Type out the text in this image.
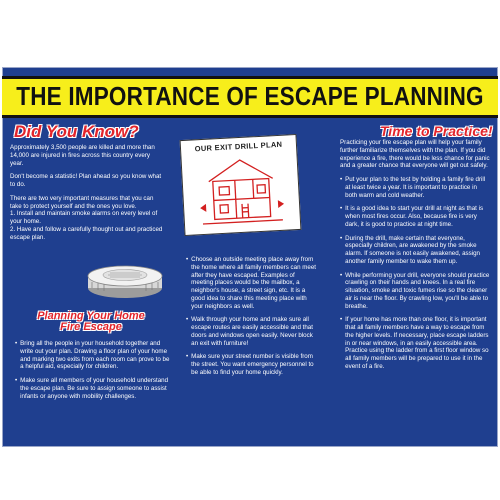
THE IMPORTANCE OF ESCAPE PLANNING
Did You Know?

Approximately 3,500 people are killed and more than 14,000 are injured in fires across this country every year.

Don't become a statistic! Plan ahead so you know what to do.

There are two very important measures that you can take to protect yourself and the ones you love.

1. Install and maintain smoke alarms on every level of your home.

2. Have and follow a carefully thought out and practiced escape plan.

Planning Your Home
Fire Escape
• Bring all the people in your household together and write out your plan. Drawing a floor plan of your home and marking two exits from each room can prove to be a helpful aid, especially for children.
• Make sure all members of your household understand the escape plan. Be sure to assign someone to assist infants or anyone with mobility challenges.
OUR EXIT DRILL PLAN
• Choose an outside meeting place away from the home where all family members can meet after they have escaped. Examples of meeting places would be the mailbox, a neighbor's house, a street sign, etc. It is a good idea to share this meeting place with your neighbors as well.
• Walk through your home and make sure all escape routes are easily accessible and that doors and windows open easily. Never block an exit with furniture!
• Make sure your street number is visible from the street. You want emergency personnel to be able to find your home quickly.
Time to Practice!

Practicing your fire escape plan will help your family further familiarize themselves with the plan. If you did experience a fire, there would be less chance for panic and a greater chance that everyone will get out safely.

• Put your plan to the test by holding a family fire drill at least twice a year. It is important to practice in both warm and cold weather.
• It is a good idea to start your drill at night as that is when most fires occur. Also, because fire is very dark, it is good to practice at night time.
• During the drill, make certain that everyone, especially children, are awakened by the smoke alarm. If someone is not easily awakened, assign another family member to wake them up.
• While performing your drill, everyone should practice crawling on their hands and knees. In a real fire situation, smoke and toxic fumes rise so the cleaner air is near the floor. By crawling low, you'll be able to breathe.
• If your home has more than one floor, it is important that all family members have a way to escape from the higher levels. If necessary, place escape ladders in or near windows, in an easily accessible area. Practice using the ladder from a first floor window so all family members will be prepared to use it in the event of a fire.
